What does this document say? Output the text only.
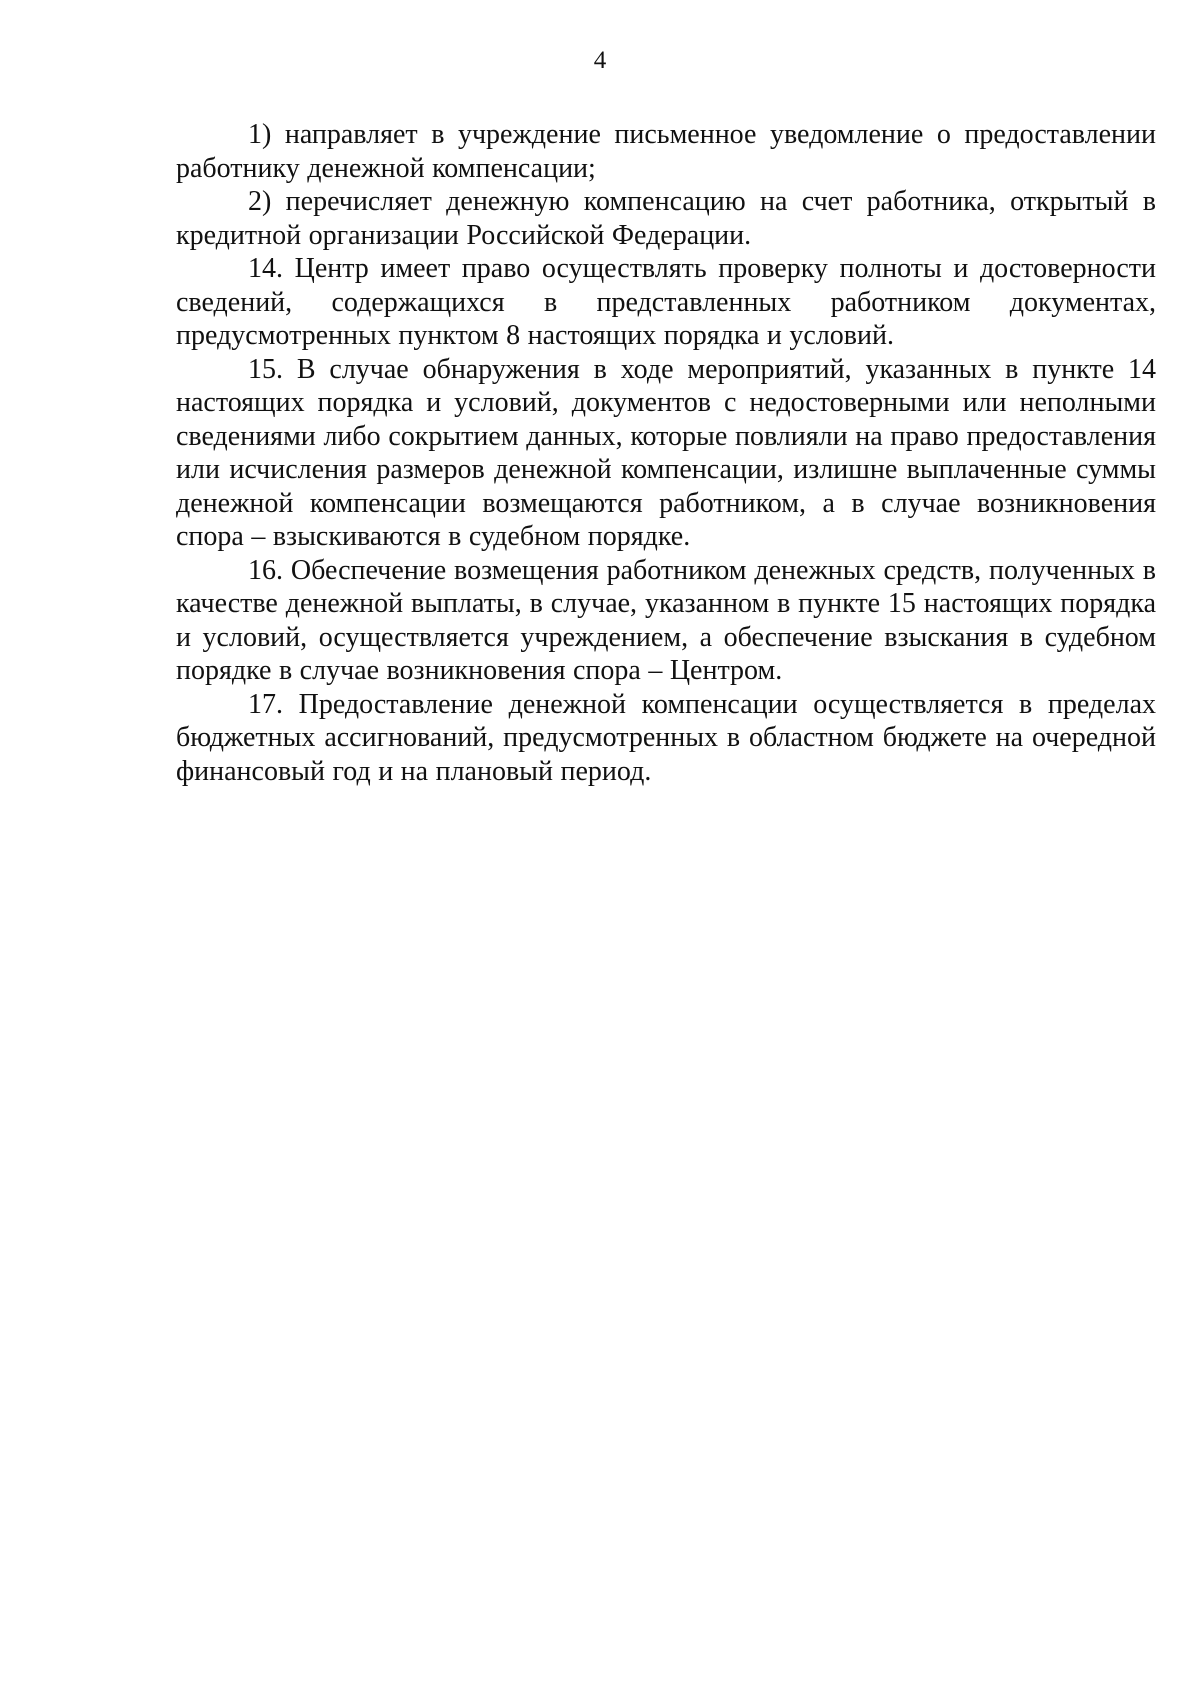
4

1) направляет в учреждение письменное уведомление о предоставлении работнику денежной компенсации;

2) перечисляет денежную компенсацию на счет работника, открытый в кредитной организации Российской Федерации.

14. Центр имеет право осуществлять проверку полноты и достоверности сведений, содержащихся в представленных работником документах, предусмотренных пунктом 8 настоящих порядка и условий.

15. В случае обнаружения в ходе мероприятий, указанных в пункте 14 настоящих порядка и условий, документов с недостоверными или неполными сведениями либо сокрытием данных, которые повлияли на право предоставления или исчисления размеров денежной компенсации, излишне выплаченные суммы денежной компенсации возмещаются работником, а в случае возникновения спора – взыскиваются в судебном порядке.

16. Обеспечение возмещения работником денежных средств, полученных в качестве денежной выплаты, в случае, указанном в пункте 15 настоящих порядка и условий, осуществляется учреждением, а обеспечение взыскания в судебном порядке в случае возникновения спора – Центром.

17. Предоставление денежной компенсации осуществляется в пределах бюджетных ассигнований, предусмотренных в областном бюджете на очередной финансовый год и на плановый период.
